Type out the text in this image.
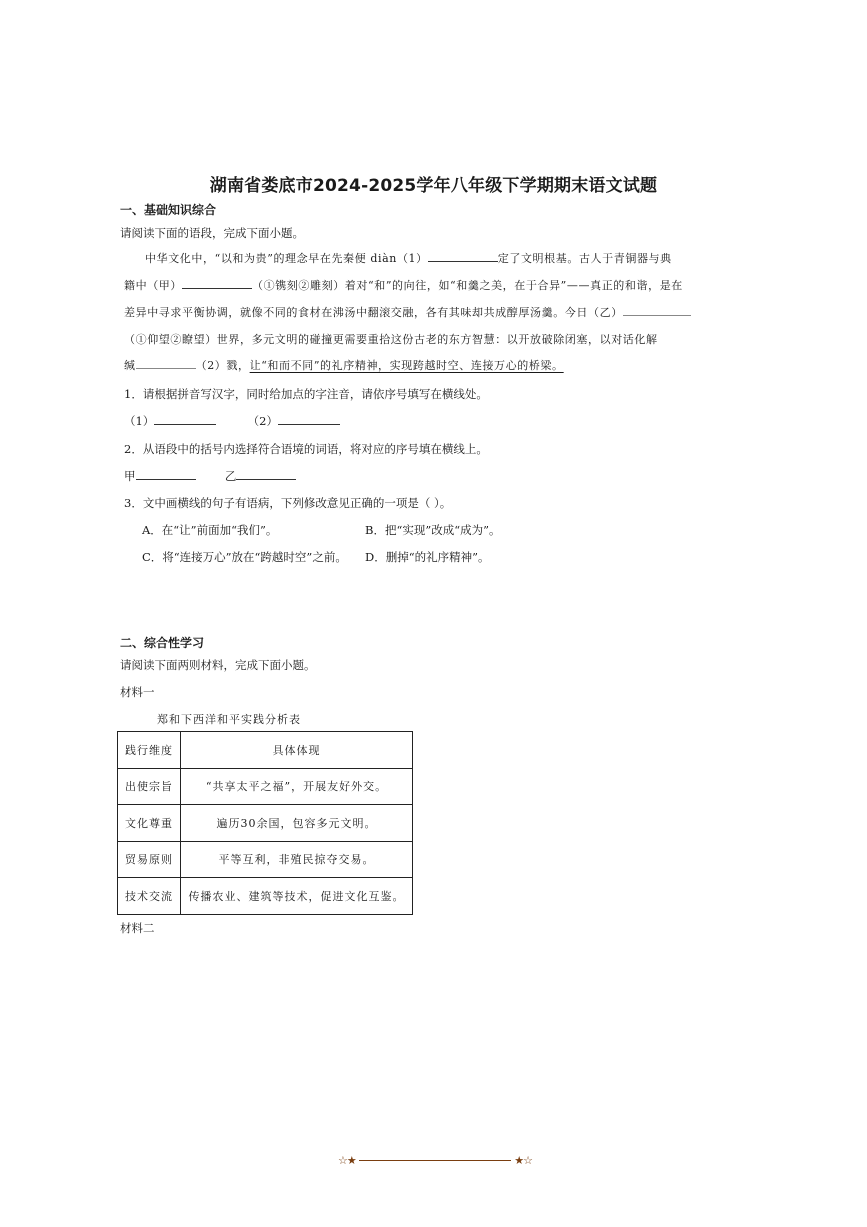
湖南省娄底市2024-2025学年八年级下学期期末语文试题
一、基础知识综合
请阅读下面的语段，完成下面小题。
中华文化中，“以和为贵”的理念早在先秦便 diàn（1）	定了文明根基。古人于青铜器与典
籍中（甲）	（①镌刻②雕刻）着对“和”的向往，如“和羹之美，在于合异”——真正的和谐，是在
差异中寻求平衡协调，就像不同的食材在沸汤中翻滚交融，各有其味却共成醇厚汤羹。今日（乙）
（①仰望②瞭望）世界，多元文明的碰撞更需要重拾这份古老的东方智慧：以开放破除闭塞，以对话化解
缄	（2）戮，让“和而不同”的礼序精神，实现跨越时空、连接万心的桥梁。
1．请根据拼音写汉字，同时给加点的字注音，请依序号填写在横线处。
（1）	（2）
2．从语段中的括号内选择符合语境的词语，将对应的序号填在横线上。
甲	乙
3．文中画横线的句子有语病，下列修改意见正确的一项是（ ）。
A．在“让”前面加“我们”。	B．把“实现”改成“成为”。
C．将“连接万心”放在“跨越时空”之前。 D．删掉“的礼序精神”。
二、综合性学习
请阅读下面两则材料，完成下面小题。
材料一
郑和下西洋和平实践分析表
践行维度	具体体现
出使宗旨	“共享太平之福”，开展友好外交。
文化尊重	遍历30余国，包容多元文明。
贸易原则	平等互利，非殖民掠夺交易。
技术交流	传播农业、建筑等技术，促进文化互鉴。
材料二
☆★	★☆
